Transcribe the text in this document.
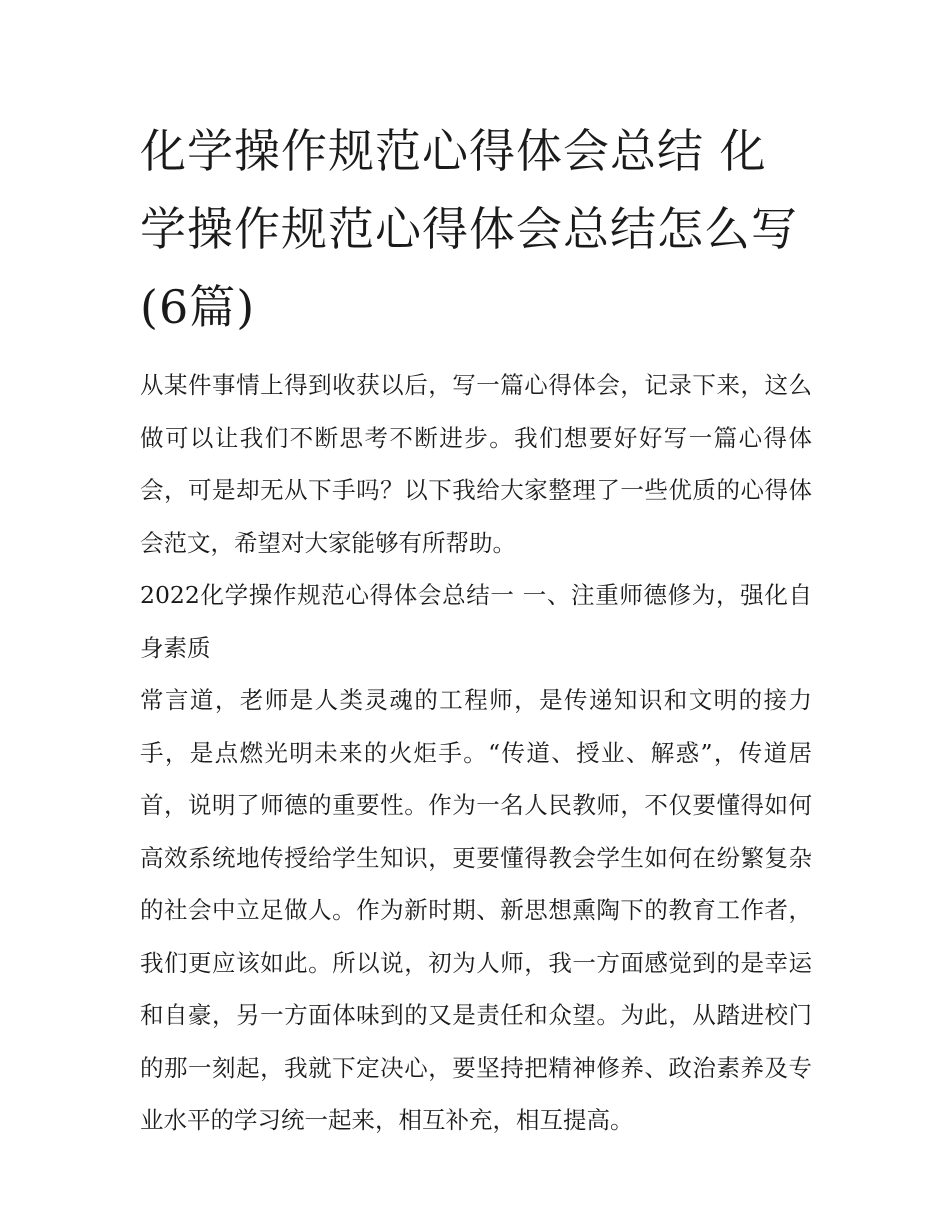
化学操作规范心得体会总结 化学操作规范心得体会总结怎么写(6篇)

从某件事情上得到收获以后，写一篇心得体会，记录下来，这么做可以让我们不断思考不断进步。我们想要好好写一篇心得体会，可是却无从下手吗？以下我给大家整理了一些优质的心得体会范文，希望对大家能够有所帮助。

2022化学操作规范心得体会总结一 一、注重师德修为，强化自身素质

常言道，老师是人类灵魂的工程师，是传递知识和文明的接力手，是点燃光明未来的火炬手。“传道、授业、解惑”，传道居首，说明了师德的重要性。作为一名人民教师，不仅要懂得如何高效系统地传授给学生知识，更要懂得教会学生如何在纷繁复杂的社会中立足做人。作为新时期、新思想熏陶下的教育工作者，我们更应该如此。所以说，初为人师，我一方面感觉到的是幸运和自豪，另一方面体味到的又是责任和众望。为此，从踏进校门的那一刻起，我就下定决心，要坚持把精神修养、政治素养及专业水平的学习统一起来，相互补充，相互提高。
